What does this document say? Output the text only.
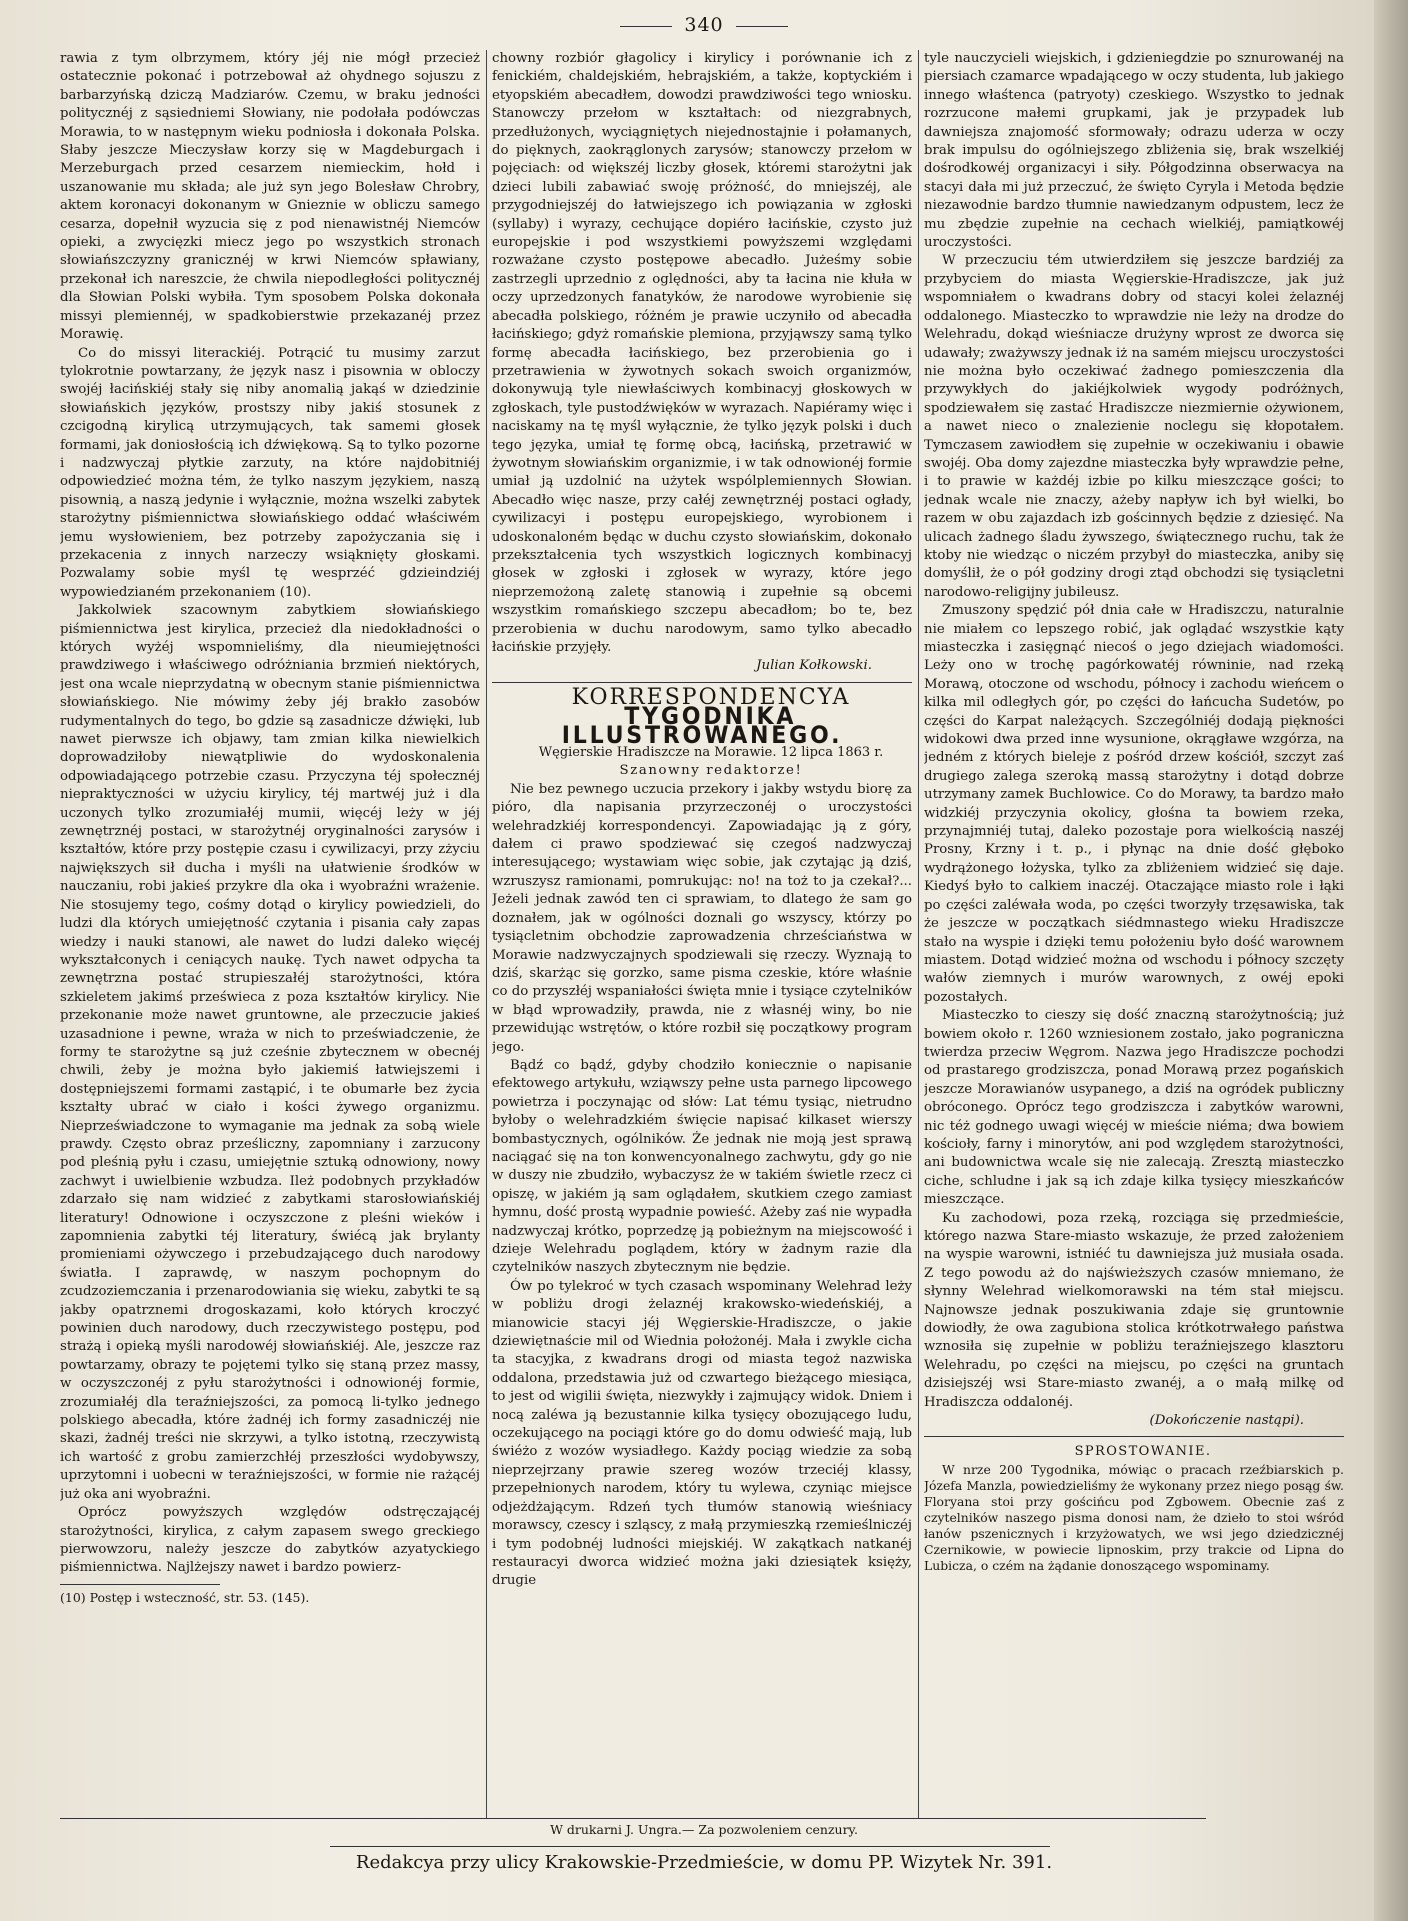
340

rawia z tym olbrzymem, który jéj nie mógł przecież ostatecznie pokonać i potrzebował aż ohydnego sojuszu z barbarzyńską dziczą Madziarów. Czemu, w braku jedności politycznéj z sąsiedniemi Słowiany, nie podołała podówczas Morawia, to w następnym wieku podniosła i dokonała Polska. Słaby jeszcze Mieczysław korzy się w Magdeburgach i Merzeburgach przed cesarzem niemieckim, hołd i uszanowanie mu składa; ale już syn jego Bolesław Chrobry, aktem koronacyi dokonanym w Gnieznie w obliczu samego cesarza, dopełnił wyzucia się z pod nienawistnéj Niemców opieki, a zwycięzki miecz jego po wszystkich stronach słowiańszczyzny granicznéj w krwi Niemców spławiany, przekonał ich nareszcie, że chwila niepodległości politycznéj dla Słowian Polski wybiła. Tym sposobem Polska dokonała missyi plemiennéj, w spadkobierstwie przekazanéj przez Morawię.

Co do missyi literackiéj. Potrącić tu musimy zarzut tylokrotnie powtarzany, że język nasz i pisownia w obloczy swojéj łacińskiéj stały się niby anomalią jakąś w dziedzinie słowiańskich języków, prostszy niby jakiś stosunek z czcigodną kirylicą utrzymujących, tak samemi głosek formami, jak doniosłością ich dźwiękową. Są to tylko pozorne i nadzwyczaj płytkie zarzuty, na które najdobitniéj odpowiedzieć można tém, że tylko naszym językiem, naszą pisownią, a naszą jedynie i wyłącznie, można wszelki zabytek starożytny piśmiennictwa słowiańskiego oddać właściwém jemu wysłowieniem, bez potrzeby zapożyczania się i przekacenia z innych narzeczy wsiąknięty głoskami. Pozwalamy sobie myśl tę wesprzéć gdzieindziéj wypowiedzianém przekonaniem (10).

Jakkolwiek szacownym zabytkiem słowiańskiego piśmiennictwa jest kirylica, przecież dla niedokładności o których wyżéj wspomnieliśmy, dla nieumiejętności prawdziwego i właściwego odróżniania brzmień niektórych, jest ona wcale nieprzydatną w obecnym stanie piśmiennictwa słowiańskiego. Nie mówimy żeby jéj brakło zasobów rudymentalnych do tego, bo gdzie są zasadnicze dźwięki, lub nawet pierwsze ich objawy, tam zmian kilka niewielkich doprowadziłoby niewątpliwie do wydoskonalenia odpowiadającego potrzebie czasu. Przyczyna téj społecznéj niepraktyczności w użyciu kirylicy, téj martwéj już i dla uczonych tylko zrozumiałéj mumii, więcéj leży w jéj zewnętrznéj postaci, w starożytnéj oryginalności zarysów i kształtów, które przy postępie czasu i cywilizacyi, przy zżyciu największych sił ducha i myśli na ułatwienie środków w nauczaniu, robi jakieś przykre dla oka i wyobraźni wrażenie. Nie stosujemy tego, cośmy dotąd o kirylicy powiedzieli, do ludzi dla których umiejętność czytania i pisania cały zapas wiedzy i nauki stanowi, ale nawet do ludzi daleko więcéj wykształconych i ceniących naukę. Tych nawet odpycha ta zewnętrzna postać strupieszałéj starożytności, która szkieletem jakimś prześwieca z poza kształtów kirylicy. Nie przekonanie może nawet gruntowne, ale przeczucie jakieś uzasadnione i pewne, wraża w nich to przeświadczenie, że formy te starożytne są już cześnie zbytecznem w obecnéj chwili, żeby je można było jakiemiś łatwiejszemi i dostępniejszemi formami zastąpić, i te obumarłe bez życia kształty ubrać w ciało i kości żywego organizmu. Nieprzeświadczone to wymaganie ma jednak za sobą wiele prawdy. Często obraz prześliczny, zapomniany i zarzucony pod pleśnią pyłu i czasu, umiejętnie sztuką odnowiony, nowy zachwyt i uwielbienie wzbudza. Ileż podobnych przykładów zdarzało się nam widzieć z zabytkami starosłowiańskiéj literatury! Odnowione i oczyszczone z pleśni wieków i zapomnienia zabytki téj literatury, świécą jak brylanty promieniami ożywczego i przebudzającego duch narodowy światła. I zaprawdę, w naszym pochopnym do zcudzoziemczania i przenarodowiania się wieku, zabytki te są jakby opatrznemi drogoskazami, koło których kroczyć powinien duch narodowy, duch rzeczywistego postępu, pod strażą i opieką myśli narodowéj słowiańskiéj. Ale, jeszcze raz powtarzamy, obrazy te pojętemi tylko się staną przez massy, w oczyszczonéj z pyłu starożytności i odnowionéj formie, zrozumiałéj dla teraźniejszości, za pomocą li-tylko jednego polskiego abecadła, które żadnéj ich formy zasadniczéj nie skazi, żadnéj treści nie skrzywi, a tylko istotną, rzeczywistą ich wartość z grobu zamierzchłéj przeszłości wydobywszy, uprzytomni i uobecni w teraźniejszości, w formie nie rażącéj już oka ani wyobraźni.

Oprócz powyższych względów odstręczającéj starożytności, kirylica, z całym zapasem swego greckiego pierwowzoru, należy jeszcze do zabytków azyatyckiego piśmiennictwa. Najlżejszy nawet i bardzo powierz-

(10) Postęp i wsteczność, str. 53. (145).

chowny rozbiór głagolicy i kirylicy i porównanie ich z fenickiém, chaldejskiém, hebrajskiém, a także, koptyckiém i etyopskiém abecadłem, dowodzi prawdziwości tego wniosku. Stanowczy przełom w kształtach: od niezgrabnych, przedłużonych, wyciągniętych niejednostajnie i połamanych, do pięknych, zaokrąglonych zarysów; stanowczy przełom w pojęciach: od większéj liczby głosek, któremi starożytni jak dzieci lubili zabawiać swoję próżność, do mniejszéj, ale przygodniejszéj do łatwiejszego ich powiązania w zgłoski (syllaby) i wyrazy, cechujące dopiéro łacińskie, czysto już europejskie i pod wszystkiemi powyższemi względami rozważane czysto postępowe abecadło. Jużeśmy sobie zastrzegli uprzednio z oględności, aby ta łacina nie kłuła w oczy uprzedzonych fanatyków, że narodowe wyrobienie się abecadła polskiego, różném je prawie uczyniło od abecadła łacińskiego; gdyż romańskie plemiona, przyjąwszy samą tylko formę abecadła łacińskiego, bez przerobienia go i przetrawienia w żywotnych sokach swoich organizmów, dokonywują tyle niewłaściwych kombinacyj głoskowych w zgłoskach, tyle pustodźwięków w wyrazach. Napiéramy więc i naciskamy na tę myśl wyłącznie, że tylko język polski i duch tego języka, umiał tę formę obcą, łacińską, przetrawić w żywotnym słowiańskim organizmie, i w tak odnowionéj formie umiał ją uzdolnić na użytek wspólplemiennych Słowian. Abecadło więc nasze, przy całéj zewnętrznéj postaci ogłady, cywilizacyi i postępu europejskiego, wyrobionem i udoskonaloném będąc w duchu czysto słowiańskim, dokonało przekształcenia tych wszystkich logicznych kombinacyj głosek w zgłoski i zgłosek w wyrazy, które jego nieprzemożoną zaletę stanowią i zupełnie są obcemi wszystkim romańskiego szczepu abecadłom; bo te, bez przerobienia w duchu narodowym, samo tylko abecadło łacińskie przyjęły.

Julian Kołkowski.

KORRESPONDENCYA

TYGODNIKA ILLUSTROWANEGO.

Węgierskie Hradiszcze na Morawie. 12 lipca 1863 r.

Szanowny redaktorze!

Nie bez pewnego uczucia przekory i jakby wstydu biorę za pióro, dla napisania przyrzeczonéj o uroczystości welehradzkiéj korrespondencyi. Zapowiadając ją z góry, dałem ci prawo spodziewać się czegoś nadzwyczaj interesującego; wystawiam więc sobie, jak czytając ją dziś, wzruszysz ramionami, pomrukując: no! na toż to ja czekał?... Jeżeli jednak zawód ten ci sprawiam, to dlatego że sam go doznałem, jak w ogólności doznali go wszyscy, którzy po tysiącletnim obchodzie zaprowadzenia chrześciaństwa w Morawie nadzwyczajnych spodziewali się rzeczy. Wyznają to dziś, skarżąc się gorzko, same pisma czeskie, które właśnie co do przyszłéj wspaniałości święta mnie i tysiące czytelników w błąd wprowadziły, prawda, nie z własnéj winy, bo nie przewidując wstrętów, o które rozbił się początkowy program jego.

Bądź co bądź, gdyby chodziło koniecznie o napisanie efektowego artykułu, wziąwszy pełne usta parnego lipcowego powietrza i poczynając od słów: Lat tému tysiąc, nietrudno byłoby o welehradzkiém święcie napisać kilkaset wierszy bombastycznych, ogólników. Że jednak nie moją jest sprawą naciągać się na ton konwencyonalnego zachwytu, gdy go nie w duszy nie zbudziło, wybaczysz że w takiém świetle rzecz ci opiszę, w jakiém ją sam oglądałem, skutkiem czego zamiast hymnu, dość prostą wypadnie powieść. Ażeby zaś nie wypadła nadzwyczaj krótko, poprzedzę ją pobieżnym na miejscowość i dzieje Welehradu poglądem, który w żadnym razie dla czytelników naszych zbytecznym nie będzie.

Ów po tylekroć w tych czasach wspominany Welehrad leży w pobliżu drogi żelaznéj krakowsko-wiedeńskiéj, a mianowicie stacyi jéj Węgierskie-Hradiszcze, o jakie dziewiętnaście mil od Wiednia położonéj. Mała i zwykle cicha ta stacyjka, z kwadrans drogi od miasta tegoż nazwiska oddalona, przedstawia już od czwartego bieżącego miesiąca, to jest od wigilii święta, niezwykły i zajmujący widok. Dniem i nocą zaléwa ją bezustannie kilka tysięcy obozującego ludu, oczekującego na pociągi które go do domu odwieść mają, lub świéżo z wozów wysiadłego. Każdy pociąg wiedzie za sobą nieprzejrzany prawie szereg wozów trzeciéj klassy, przepełnionych narodem, który tu wylewa, czyniąc miejsce odjeżdżającym. Rdzeń tych tłumów stanowią wieśniacy morawscy, czescy i szląscy, z małą przymieszką rzemieślniczéj i tym podobnéj ludności miejskiéj. W zakątkach natkanéj restauracyi dworca widzieć można jaki dziesiątek księży, drugie

tyle nauczycieli wiejskich, i gdzieniegdzie po sznurowanéj na piersiach czamarce wpadającego w oczy studenta, lub jakiego innego właśtenca (patryoty) czeskiego. Wszystko to jednak rozrzucone małemi grupkami, jak je przypadek lub dawniejsza znajomość sformowały; odrazu uderza w oczy brak impulsu do ogólniejszego zbliżenia się, brak wszelkiéj dośrodkowéj organizacyi i siły. Półgodzinna obserwacya na stacyi dała mi już przeczuć, że święto Cyryla i Metoda będzie niezawodnie bardzo tłumnie nawiedzanym odpustem, lecz że mu zbędzie zupełnie na cechach wielkiéj, pamiątkowéj uroczystości.

W przeczuciu tém utwierdziłem się jeszcze bardziéj za przybyciem do miasta Węgierskie-Hradiszcze, jak już wspomniałem o kwadrans dobry od stacyi kolei żelaznéj oddalonego. Miasteczko to wprawdzie nie leży na drodze do Welehradu, dokąd wieśniacze drużyny wprost ze dworca się udawały; zważywszy jednak iż na samém miejscu uroczystości nie można było oczekiwać żadnego pomieszczenia dla przywykłych do jakiéjkolwiek wygody podróżnych, spodziewałem się zastać Hradiszcze niezmiernie ożywionem, a nawet nieco o znalezienie noclegu się kłopotałem. Tymczasem zawiodłem się zupełnie w oczekiwaniu i obawie swojéj. Oba domy zajezdne miasteczka były wprawdzie pełne, i to prawie w każdéj izbie po kilku mieszczące gości; to jednak wcale nie znaczy, ażeby napływ ich był wielki, bo razem w obu zajazdach izb gościnnych będzie z dziesięć. Na ulicach żadnego śladu żywszego, świątecznego ruchu, tak że ktoby nie wiedząc o niczém przybył do miasteczka, aniby się domyślił, że o pół godziny drogi ztąd obchodzi się tysiącletni narodowo-religijny jubileusz.

Zmuszony spędzić pół dnia całe w Hradiszczu, naturalnie nie miałem co lepszego robić, jak oglądać wszystkie kąty miasteczka i zasięgnąć niecoś o jego dziejach wiadomości. Leży ono w trochę pagórkowatéj równinie, nad rzeką Morawą, otoczone od wschodu, północy i zachodu wieńcem o kilka mil odległych gór, po części do łańcucha Sudetów, po części do Karpat należących. Szczególniéj dodają piękności widokowi dwa przed inne wysunione, okrągławe wzgórza, na jedném z których bieleje z pośród drzew kościół, szczyt zaś drugiego zalega szeroką massą starożytny i dotąd dobrze utrzymany zamek Buchlowice. Co do Morawy, ta bardzo mało widzkiéj przyczynia okolicy, głośna ta bowiem rzeka, przynajmniéj tutaj, daleko pozostaje pora wielkością naszéj Prosny, Krzny i t. p., i płynąc na dnie dość głęboko wydrążonego łożyska, tylko za zbliżeniem widzieć się daje. Kiedyś było to calkiem inaczéj. Otaczające miasto role i łąki po części zaléwała woda, po części tworzyły trzęsawiska, tak że jeszcze w początkach siédmnastego wieku Hradiszcze stało na wyspie i dzięki temu położeniu było dość warownem miastem. Dotąd widzieć można od wschodu i północy szczęty wałów ziemnych i murów warownych, z owéj epoki pozostałych.

Miasteczko to cieszy się dość znaczną starożytnością; już bowiem około r. 1260 wzniesionem zostało, jako pograniczna twierdza przeciw Węgrom. Nazwa jego Hradiszcze pochodzi od prastarego grodziszcza, ponad Morawą przez pogańskich jeszcze Morawianów usypanego, a dziś na ogródek publiczny obróconego. Oprócz tego grodziszcza i zabytków warowni, nic téż godnego uwagi więcéj w mieście niéma; dwa bowiem kościoły, farny i minorytów, ani pod względem starożytności, ani budownictwa wcale się nie zalecają. Zresztą miasteczko ciche, schludne i jak są ich zdaje kilka tysięcy mieszkańców mieszczące.

Ku zachodowi, poza rzeką, rozciąga się przedmieście, którego nazwa Stare-miasto wskazuje, że przed założeniem na wyspie warowni, istniéć tu dawniejsza już musiała osada. Z tego powodu aż do najświeższych czasów mniemano, że słynny Welehrad wielkomorawski na tém stał miejscu. Najnowsze jednak poszukiwania zdaje się gruntownie dowiodły, że owa zagubiona stolica krótkotrwałego państwa wznosiła się zupełnie w pobliżu teraźniejszego klasztoru Welehradu, po części na miejscu, po części na gruntach dzisiejszéj wsi Stare-miasto zwanéj, a o małą milkę od Hradiszcza oddalonéj.

(Dokończenie nastąpi).

SPROSTOWANIE.

W nrze 200 Tygodnika, mówiąc o pracach rzeźbiarskich p. Józefa Manzla, powiedzieliśmy że wykonany przez niego posąg św. Floryana stoi przy gościńcu pod Zgbowem. Obecnie zaś z czytelników naszego pisma donosi nam, że dzieło to stoi wśród łanów pszenicznych i krzyżowatych, we wsi jego dziedzicznéj Czernikowie, w powiecie lipnoskim, przy trakcie od Lipna do Lubicza, o czém na żądanie donoszącego wspominamy.

W drukarni J. Ungra.— Za pozwoleniem cenzury.
Redakcya przy ulicy Krakowskie-Przedmieście, w domu PP. Wizytek Nr. 391.
